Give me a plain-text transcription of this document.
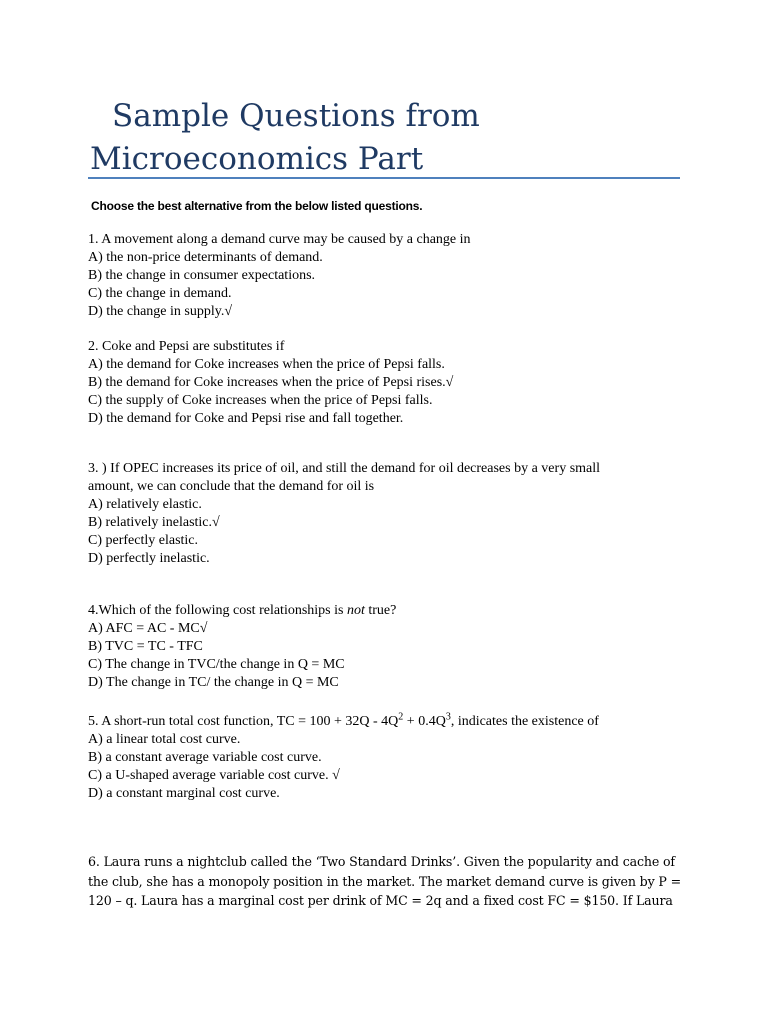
Sample Questions from
Microeconomics Part
Choose the best alternative from the below listed questions.
1. A movement along a demand curve may be caused by a change in
A) the non-price determinants of demand.
B) the change in consumer expectations.
C) the change in demand.
D) the change in supply.√
2. Coke and Pepsi are substitutes if
A) the demand for Coke increases when the price of Pepsi falls.
B) the demand for Coke increases when the price of Pepsi rises.√
C) the supply of Coke increases when the price of Pepsi falls.
D) the demand for Coke and Pepsi rise and fall together.
3. ) If OPEC increases its price of oil, and still the demand for oil decreases by a very small amount, we can conclude that the demand for oil is
A) relatively elastic.
B) relatively inelastic.√
C) perfectly elastic.
D) perfectly inelastic.
4.Which of the following cost relationships is not true?
A) AFC = AC - MC√
B) TVC = TC - TFC
C) The change in TVC/the change in Q = MC
D) The change in TC/ the change in Q = MC
5. A short-run total cost function, TC = $100 + 32Q - 4Q^2 + 0.4Q^3$, indicates the existence of
A) a linear total cost curve.
B) a constant average variable cost curve.
C) a U-shaped average variable cost curve. √
D) a constant marginal cost curve.
6. Laura runs a nightclub called the ‘Two Standard Drinks’. Given the popularity and cache of
the club, she has a monopoly position in the market. The market demand curve is given by P =
120 – q. Laura has a marginal cost per drink of MC = 2q and a fixed cost FC = $150. If Laura
